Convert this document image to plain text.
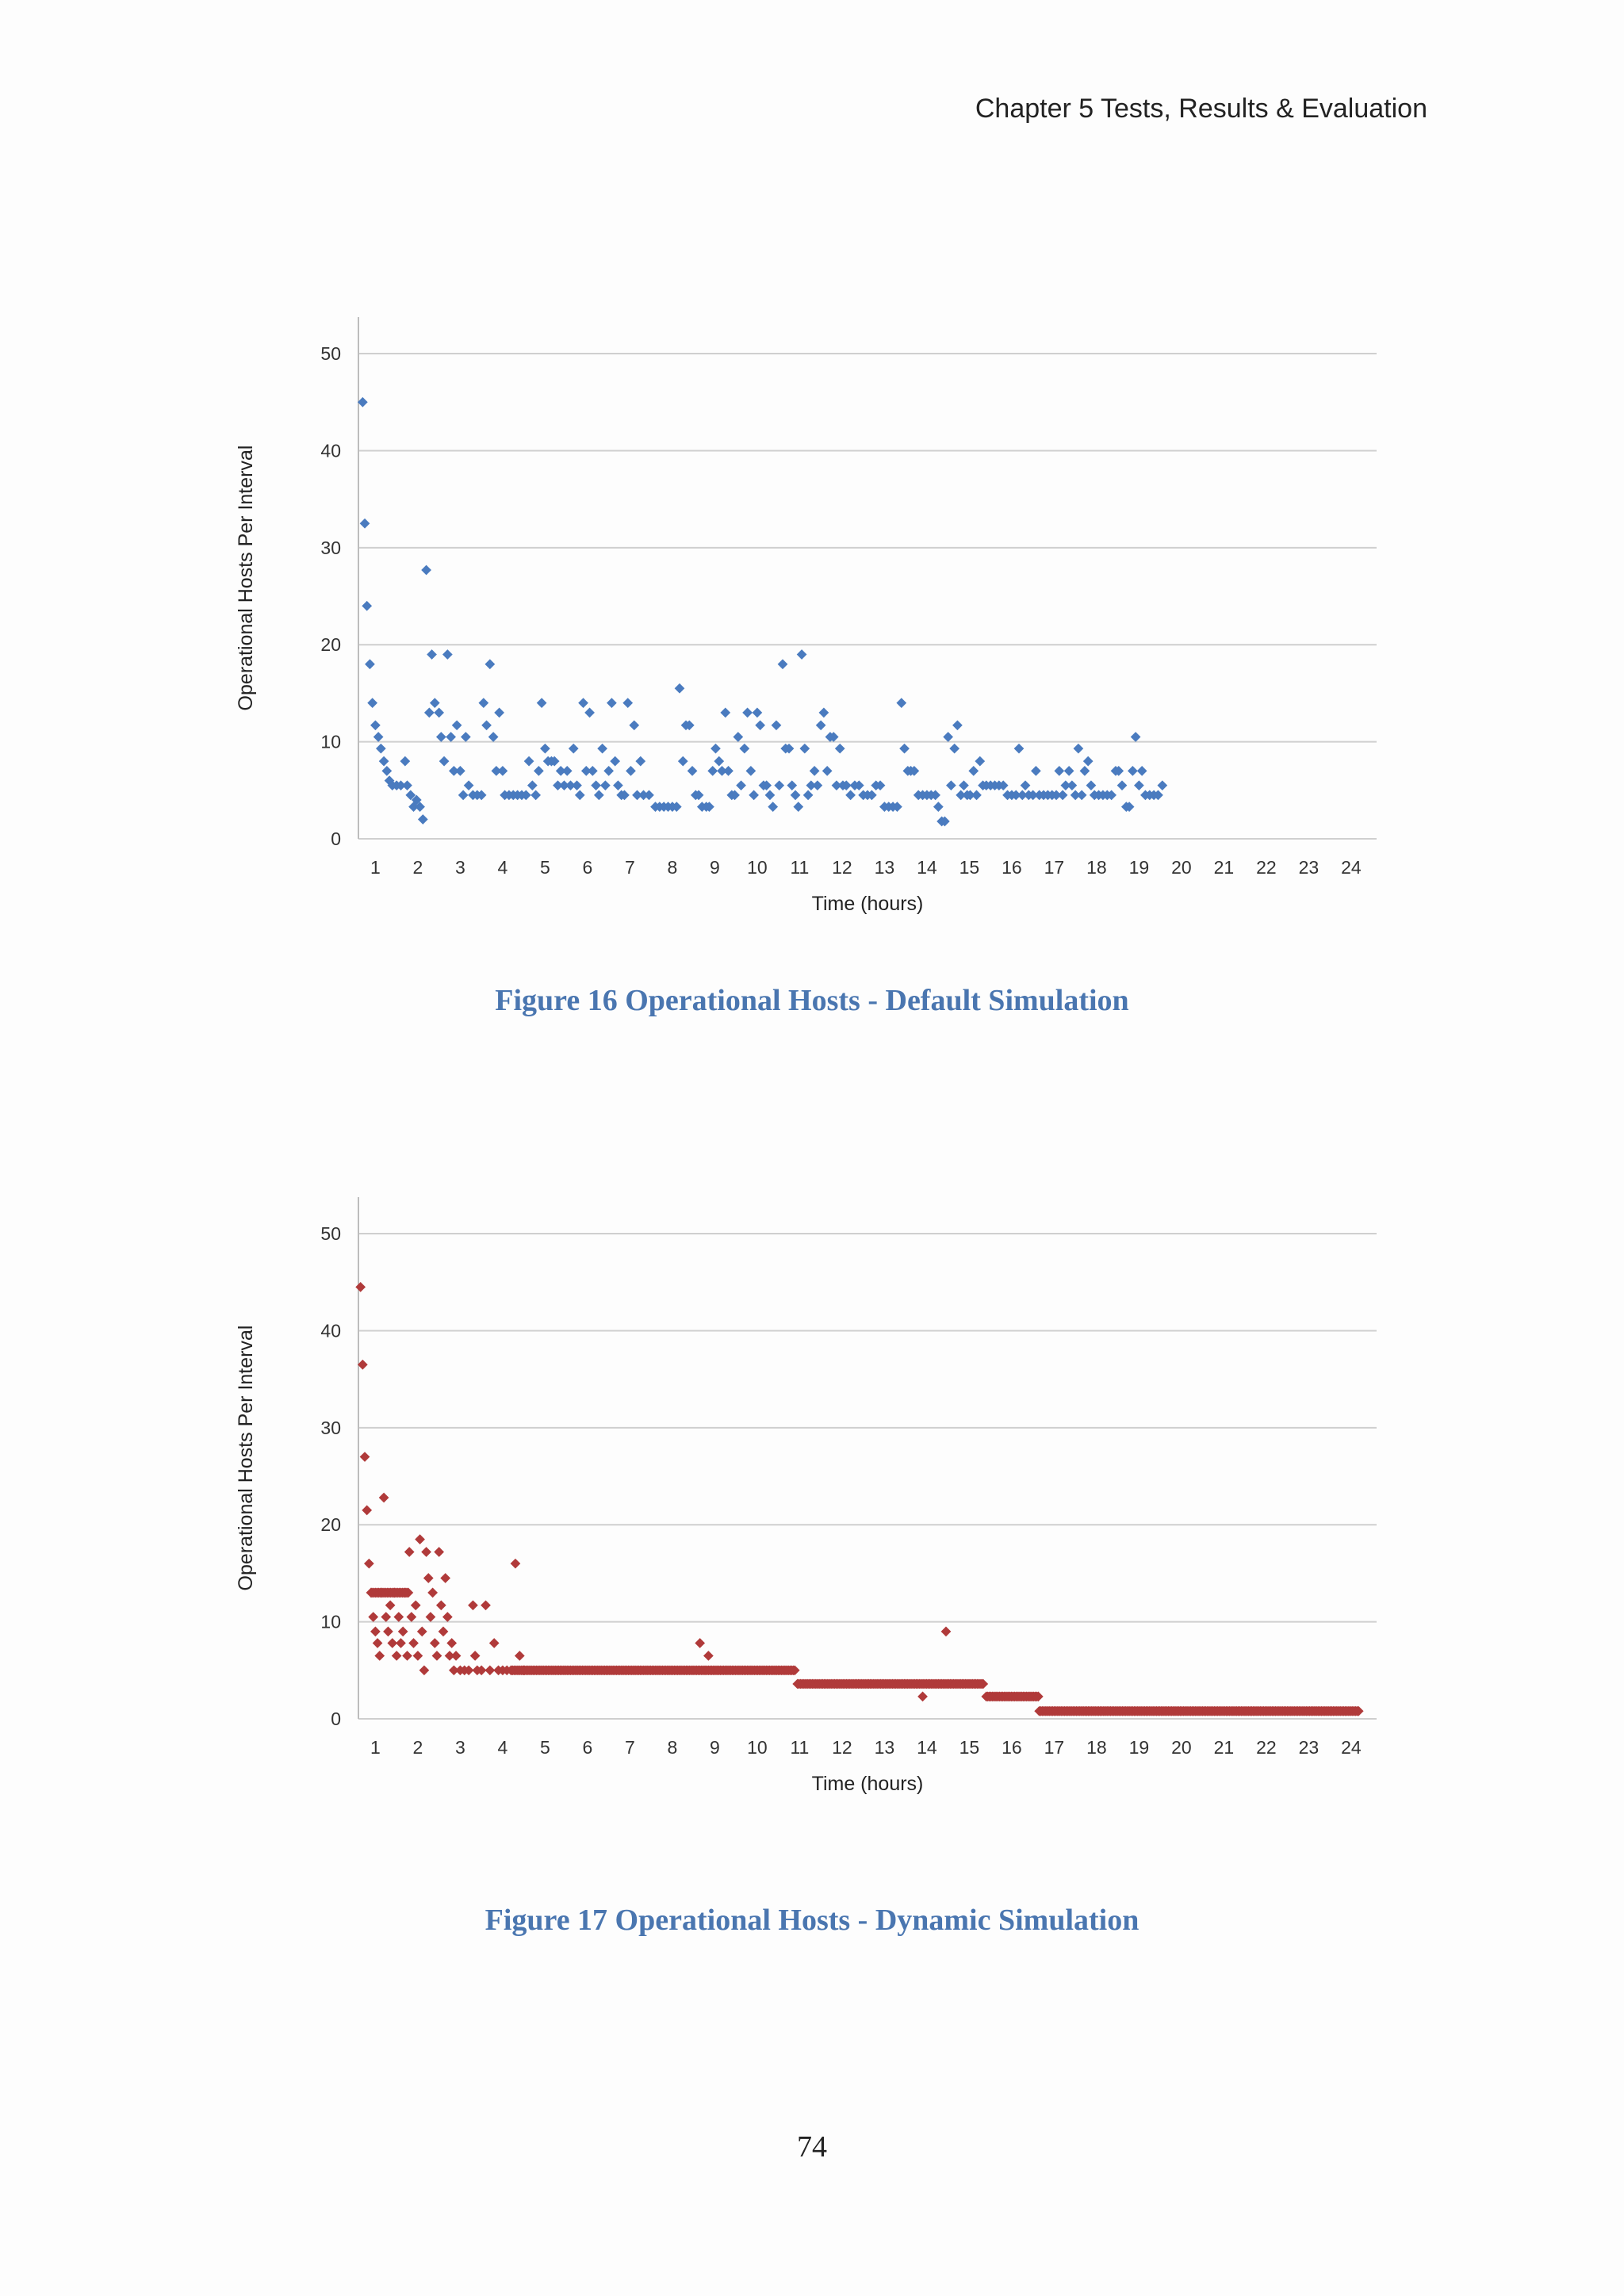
Chapter 5 Tests, Results & Evaluation
0
10
20
30
40
50
1 2 3 4 5 6 7 8 9 10 11 12 13 14 15 16 17 18 19 20 21 22 23 24
Time (hours)
Operational Hosts Per Interval
Figure 16 Operational Hosts - Default Simulation
0
10
20
30
40
50
1 2 3 4 5 6 7 8 9 10 11 12 13 14 15 16 17 18 19 20 21 22 23 24
Time (hours)
Operational Hosts Per Interval
Figure 17 Operational Hosts - Dynamic Simulation
74
